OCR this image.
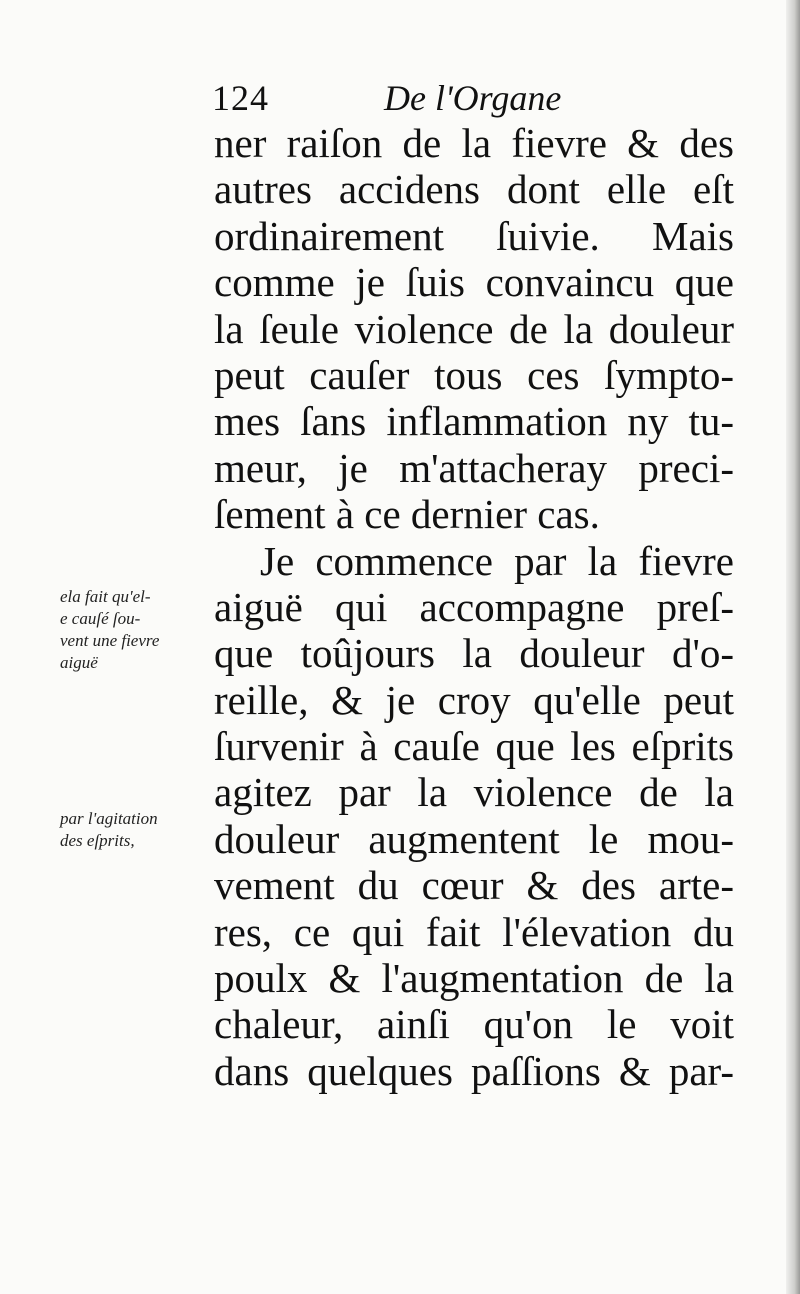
124	De l'Organe
ner raiſon de la fievre & des
autres accidens dont elle eſt
ordinairement ſuivie. Mais
comme je ſuis convaincu que
la ſeule violence de la douleur
peut cauſer tous ces ſympto-
mes ſans inflammation ny tu-
meur, je m'attacheray preci-
ſement à ce dernier cas.
Je commence par la fievre
aiguë qui accompagne preſ-
que toûjours la douleur d'o-
reille, & je croy qu'elle peut
ſurvenir à cauſe que les eſprits
agitez par la violence de la
douleur augmentent le mou-
vement du cœur & des arte-
res, ce qui fait l'élevation du
poulx & l'augmentation de la
chaleur, ainſi qu'on le voit
dans quelques paſſions & par-
ela fait qu'el-
e cauſé ſou-
vent une fievre
aiguë
par l'agitation
des eſprits,
